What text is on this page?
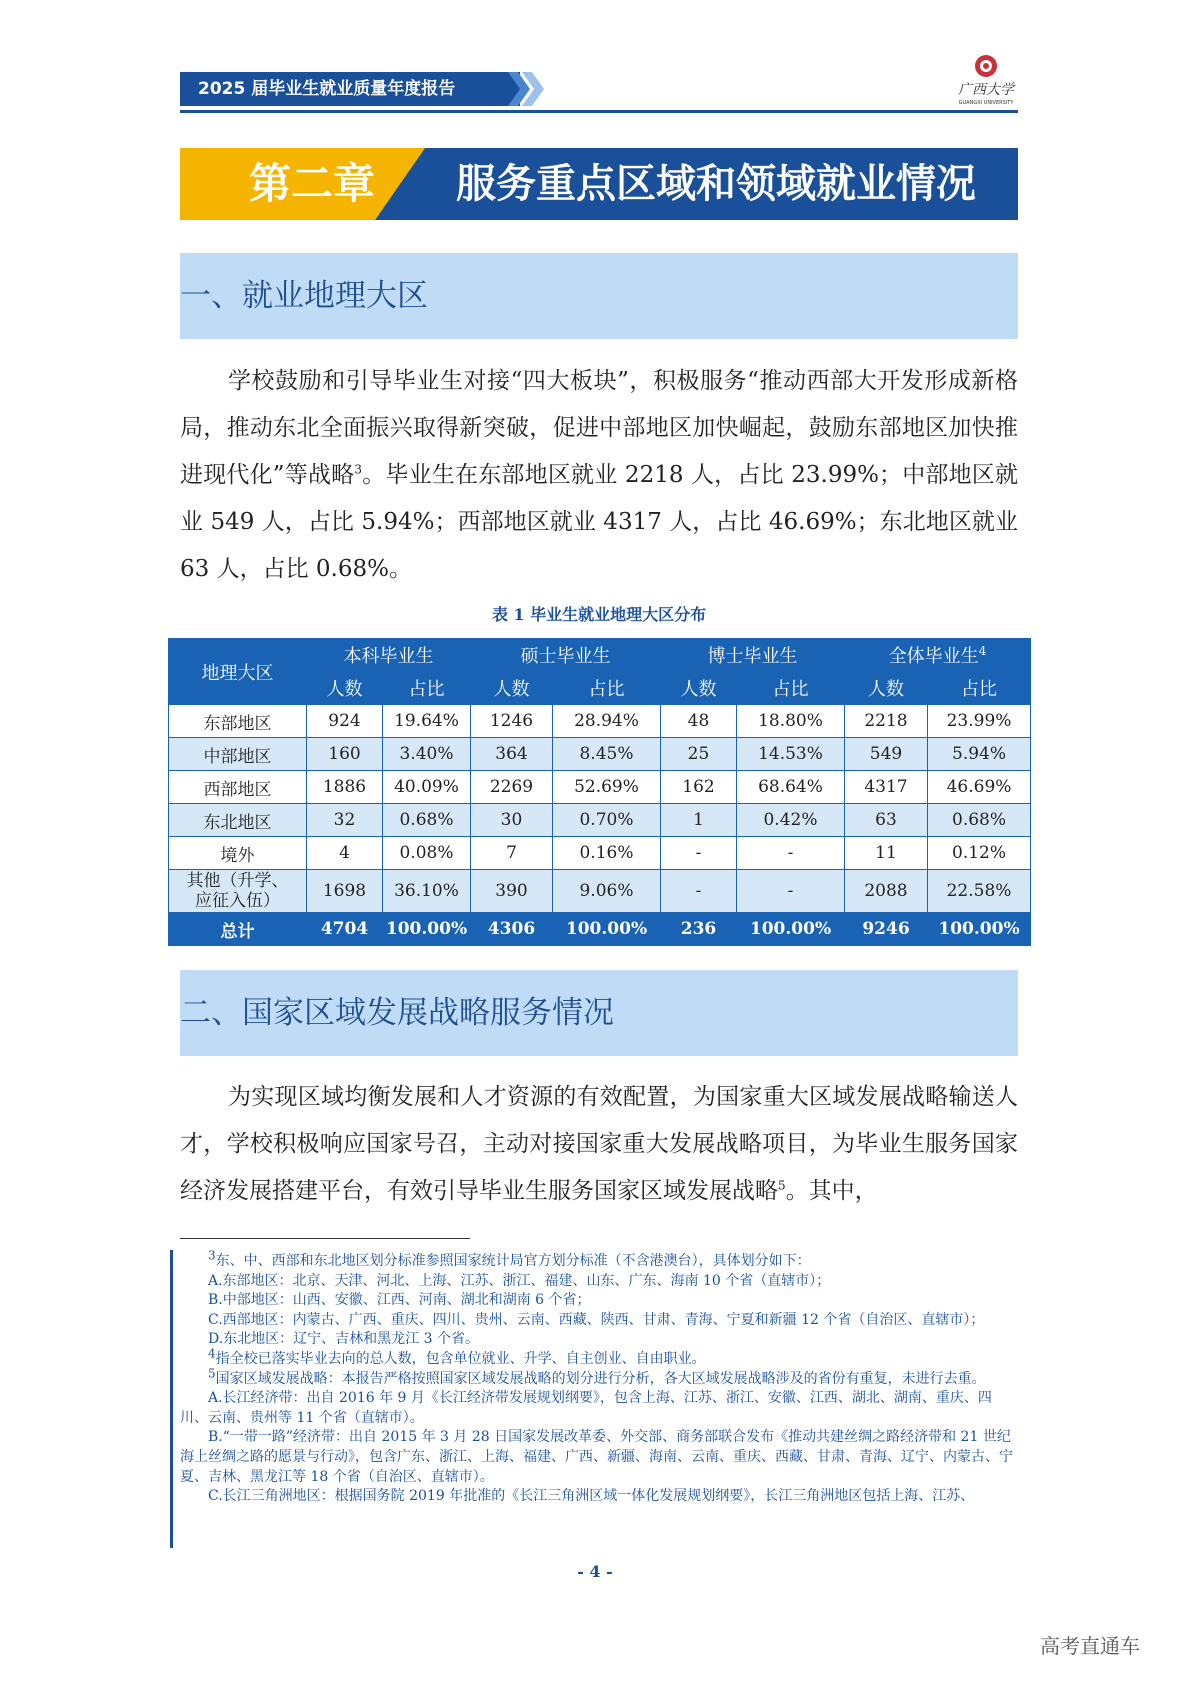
2025 届毕业生就业质量年度报告	广西大学
GUANGXI UNIVERSITY
第二章	服务重点区域和领域就业情况
一、就业地理大区

学校鼓励和引导毕业生对接“四大板块”，积极服务“推动西部大开发形成新格局，推动东北全面振兴取得新突破，促进中部地区加快崛起，鼓励东部地区加快推进现代化”等战略$^3$。毕业生在东部地区就业 2218 人，占比 23.99%；中部地区就业 549 人，占比 5.94%；西部地区就业 4317 人，占比 46.69%；东北地区就业 63 人，占比 0.68%。

表 1 毕业生就业地理大区分布
地理大区	本科毕业生		硕士毕业生		博士毕业生		全体毕业生$^4$
	人数	占比	人数	占比	人数	占比	人数	占比
东部地区	924	19.64%	1246	28.94%	48	18.80%	2218	23.99%
中部地区	160	3.40%	364	8.45%	25	14.53%	549	5.94%
西部地区	1886	40.09%	2269	52.69%	162	68.64%	4317	46.69%
东北地区	32	0.68%	30	0.70%	1	0.42%	63	0.68%
境外	4	0.08%	7	0.16%	-	-	11	0.12%

其他（升学、
应征入伍）	1698	36.10%	390	9.06%	-	-	2088	22.58%
总计	4704	100.00%	4306	100.00%	236	100.00%	9246	100.00%
二、国家区域发展战略服务情况

为实现区域均衡发展和人才资源的有效配置，为国家重大区域发展战略输送人才，学校积极响应国家号召，主动对接国家重大发展战略项目，为毕业生服务国家经济发展搭建平台，有效引导毕业生服务国家区域发展战略$^5$。其中，

$^3$东、中、西部和东北地区划分标准参照国家统计局官方划分标准（不含港澳台），具体划分如下：

A.东部地区：北京、天津、河北、上海、江苏、浙江、福建、山东、广东、海南 10 个省（直辖市）；

B.中部地区：山西、安徽、江西、河南、湖北和湖南 6 个省；

C.西部地区：内蒙古、广西、重庆、四川、贵州、云南、西藏、陕西、甘肃、青海、宁夏和新疆 12 个省（自治区、直辖市）；

D.东北地区：辽宁、吉林和黑龙江 3 个省。

$^4$指全校已落实毕业去向的总人数，包含单位就业、升学、自主创业、自由职业。

$^5$国家区域发展战略：本报告严格按照国家区域发展战略的划分进行分析，各大区域发展战略涉及的省份有重复，未进行去重。

A.长江经济带：出自 2016 年 9 月《长江经济带发展规划纲要》，包含上海、江苏、浙江、安徽、江西、湖北、湖南、重庆、四川、云南、贵州等 11 个省（直辖市）。

B.“一带一路”经济带：出自 2015 年 3 月 28 日国家发展改革委、外交部、商务部联合发布《推动共建丝绸之路经济带和 21 世纪海上丝绸之路的愿景与行动》，包含广东、浙江、上海、福建、广西、新疆、海南、云南、重庆、西藏、甘肃、青海、辽宁、内蒙古、宁夏、吉林、黑龙江等 18 个省（自治区、直辖市）。

C.长江三角洲地区：根据国务院 2019 年批准的《长江三角洲区域一体化发展规划纲要》，长江三角洲地区包括上海、江苏、

- 4 -
高考直通车
